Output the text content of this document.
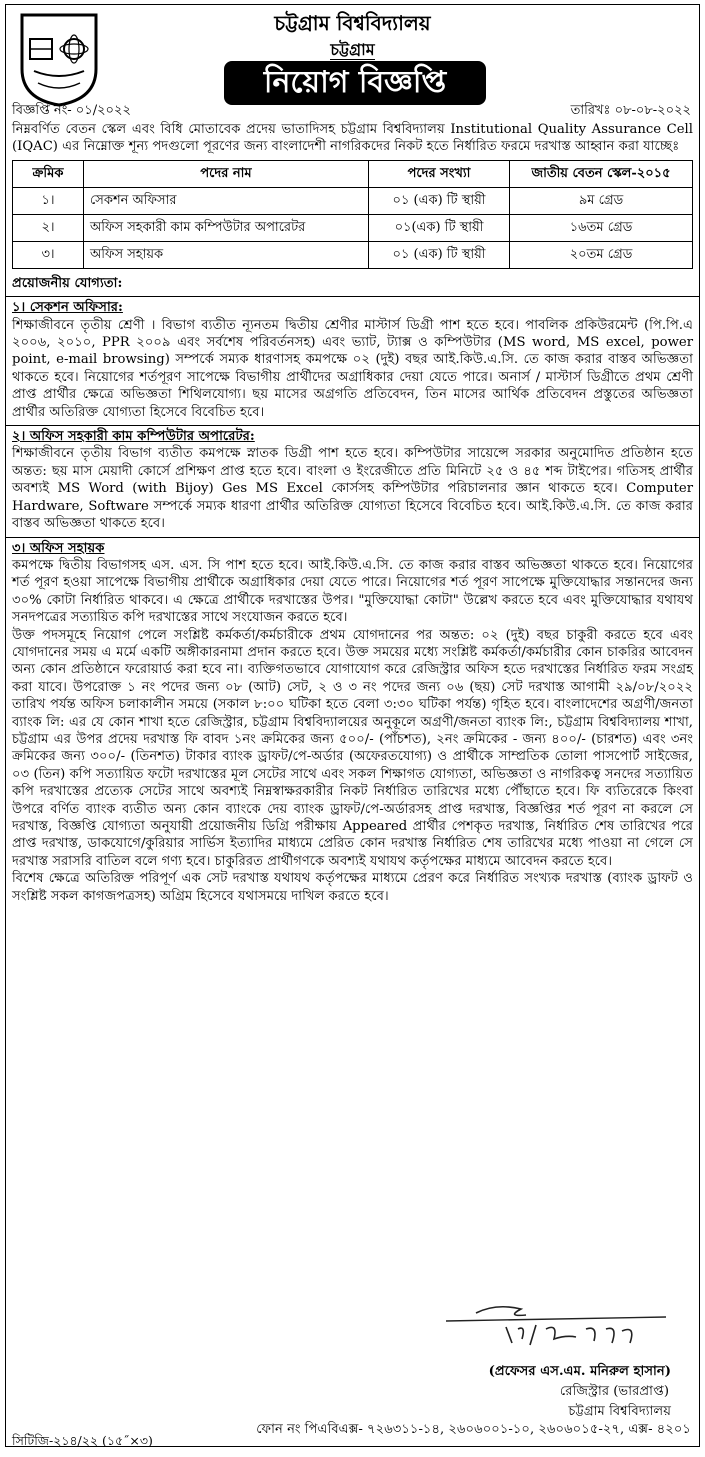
চট্টগ্রাম বিশ্ববিদ্যালয়
চট্টগ্রাম
নিয়োগ বিজ্ঞপ্তি
বিজ্ঞপ্তি নং- ০১/২০২২	তারিখঃ ০৮-০৮-২০২২

নিম্নবর্ণিত বেতন স্কেল এবং বিধি মোতাবেক প্রদেয় ভাতাদিসহ চট্টগ্রাম বিশ্ববিদ্যালয় Institutional Quality Assurance Cell (IQAC) এর নিম্নোক্ত শূন্য পদগুলো পূরণের জন্য বাংলাদেশী নাগরিকদের নিকট হতে নির্ধারিত ফরমে দরখাস্ত আহ্বান করা যাচ্ছেঃ

ক্রমিক	পদের নাম	পদের সংখ্যা	জাতীয় বেতন স্কেল-২০১৫
১।	সেকশন অফিসার	০১ (এক) টি স্থায়ী	৯ম গ্রেড
২।	অফিস সহকারী কাম কম্পিউটার অপারেটর	০১(এক) টি স্থায়ী	১৬তম গ্রেড
৩।	অফিস সহায়ক	০১ (এক) টি স্থায়ী	২০তম গ্রেড
প্রয়োজনীয় যোগ্যতা:
১। সেকশন অফিসার:

শিক্ষাজীবনে তৃতীয় শ্রেণী । বিভাগ ব্যতীত ন্যূনতম দ্বিতীয় শ্রেণীর মাস্টার্স ডিগ্রী পাশ হতে হবে। পাবলিক প্রকিউরমেন্ট (পি.পি.এ ২০০৬, ২০১০, PPR ২০০৯ এবং সর্বশেষ পরিবর্তনসহ) এবং ভ্যাট, ট্যাক্স ও কম্পিউটার (MS word, MS excel, power point, e-mail browsing) সম্পর্কে সম্যক ধারণাসহ কমপক্ষে ০২ (দুই) বছর আই.কিউ.এ.সি. তে কাজ করার বাস্তব অভিজ্ঞতা থাকতে হবে। নিয়োগের শর্তপূরণ সাপেক্ষে বিভাগীয় প্রার্থীদের অগ্রাধিকার দেয়া যেতে পারে। অনার্স / মাস্টার্স ডিগ্রীতে প্রথম শ্রেণী প্রাপ্ত প্রার্থীর ক্ষেত্রে অভিজ্ঞতা শিথিলযোগ্য। ছয় মাসের অগ্রগতি প্রতিবেদন, তিন মাসের আর্থিক প্রতিবেদন প্রস্তুতের অভিজ্ঞতা প্রার্থীর অতিরিক্ত যোগ্যতা হিসেবে বিবেচিত হবে।

২। অফিস সহকারী কাম কম্পিউটার অপারেটর:

শিক্ষাজীবনে তৃতীয় বিভাগ ব্যতীত কমপক্ষে স্নাতক ডিগ্রী পাশ হতে হবে। কম্পিউটার সায়েন্সে সরকার অনুমোদিত প্রতিষ্ঠান হতে অন্তত: ছয় মাস মেয়াদী কোর্সে প্রশিক্ষণ প্রাপ্ত হতে হবে। বাংলা ও ইংরেজীতে প্রতি মিনিটে ২৫ ও ৪৫ শব্দ টাইপের। গতিসহ প্রার্থীর অবশ্যই MS Word (with Bijoy) Ges MS Excel কোর্সসহ কম্পিউটার পরিচালনার জ্ঞান থাকতে হবে। Computer Hardware, Software সম্পর্কে সম্যক ধারণা প্রার্থীর অতিরিক্ত যোগ্যতা হিসেবে বিবেচিত হবে। আই.কিউ.এ.সি. তে কাজ করার বাস্তব অভিজ্ঞতা থাকতে হবে।

৩। অফিস সহায়ক

কমপক্ষে দ্বিতীয় বিভাগসহ এস. এস. সি পাশ হতে হবে। আই.কিউ.এ.সি. তে কাজ করার বাস্তব অভিজ্ঞতা থাকতে হবে। নিয়োগের শর্ত পূরণ হওয়া সাপেক্ষে বিভাগীয় প্রার্থীকে অগ্রাধিকার দেয়া যেতে পারে। নিয়োগের শর্ত পূরণ সাপেক্ষে মুক্তিযোদ্ধার সন্তানদের জন্য ৩০% কোটা নির্ধারিত থাকবে। এ ক্ষেত্রে প্রার্থীকে দরখাস্তের উপর। "মুক্তিযোদ্ধা কোটা" উল্লেখ করতে হবে এবং মুক্তিযোদ্ধার যথাযথ সনদপত্রের সত্যায়িত কপি দরখাস্তের সাথে সংযোজন করতে হবে।

উক্ত পদসমূহে নিয়োগ পেলে সংশ্লিষ্ট কর্মকর্তা/কর্মচারীকে প্রথম যোগদানের পর অন্তত: ০২ (দুই) বছর চাকুরী করতে হবে এবং যোগদানের সময় এ মর্মে একটি অঙ্গীকারনামা প্রদান করতে হবে। উক্ত সময়ের মধ্যে সংশ্লিষ্ট কর্মকর্তা/কর্মচারীর কোন চাকরির আবেদন অন্য কোন প্রতিষ্ঠানে ফরোয়ার্ড করা হবে না। ব্যক্তিগতভাবে যোগাযোগ করে রেজিস্ট্রার অফিস হতে দরখাস্তের নির্ধারিত ফরম সংগ্রহ করা যাবে। উপরোক্ত ১ নং পদের জন্য ০৮ (আট) সেট, ২ ও ৩ নং পদের জন্য ০৬ (ছয়) সেট দরখাস্ত আগামী ২৯/০৮/২০২২ তারিখ পর্যন্ত অফিস চলাকালীন সময়ে (সকাল ৮:০০ ঘটিকা হতে বেলা ৩:৩০ ঘটিকা পর্যন্ত) গৃহিত হবে। বাংলাদেশের অগ্রণী/জনতা ব্যাংক লি: এর যে কোন শাখা হতে রেজিস্ট্রার, চট্টগ্রাম বিশ্ববিদ্যালয়ের অনুকূলে অগ্রণী/জনতা ব্যাংক লি:, চট্টগ্রাম বিশ্ববিদ্যালয় শাখা, চট্টগ্রাম এর উপর প্রদেয় দরখাস্ত ফি বাবদ ১নং ক্রমিকের জন্য ৫০০/- (পাঁচশত), ২নং ক্রমিকের - জন্য ৪০০/- (চারশত) এবং ৩নং ক্রমিকের জন্য ৩০০/- (তিনশত) টাকার ব্যাংক ড্রাফট/পে-অর্ডার (অফেরতযোগ্য) ও প্রার্থীকে সাম্প্রতিক তোলা পাসপোর্ট সাইজের, ০৩ (তিন) কপি সত্যায়িত ফটো দরখাস্তের মূল সেটের সাথে এবং সকল শিক্ষাগত যোগ্যতা, অভিজ্ঞতা ও নাগরিকত্ব সনদের সত্যায়িত কপি দরখাস্তের প্রত্যেক সেটের সাথে অবশ্যই নিম্নস্বাক্ষরকারীর নিকট নির্ধারিত তারিখের মধ্যে পৌঁছাতে হবে। ফি ব্যতিরেকে কিংবা উপরে বর্ণিত ব্যাংক ব্যতীত অন্য কোন ব্যাংকে দেয় ব্যাংক ড্রাফট/পে-অর্ডারসহ প্রাপ্ত দরখাস্ত, বিজ্ঞপ্তির শর্ত পূরণ না করলে সে দরখাস্ত, বিজ্ঞপ্তি যোগ্যতা অনুযায়ী প্রয়োজনীয় ডিগ্রি পরীক্ষায় Appeared প্রার্থীর পেশকৃত দরখাস্ত, নির্ধারিত শেষ তারিখের পরে প্রাপ্ত দরখাস্ত, ডাকযোগে/কুরিয়ার সার্ভিস ইত্যাদির মাধ্যমে প্রেরিত কোন দরখাস্ত নির্ধারিত শেষ তারিখের মধ্যে পাওয়া না গেলে সে দরখাস্ত সরাসরি বাতিল বলে গণ্য হবে। চাকুরিরত প্রার্থীগণকে অবশ্যই যথাযথ কর্তৃপক্ষের মাধ্যমে আবেদন করতে হবে।

বিশেষ ক্ষেত্রে অতিরিক্ত পরিপূর্ণ এক সেট দরখাস্ত যথাযথ কর্তৃপক্ষের মাধ্যমে প্রেরণ করে নির্ধারিত সংখ্যক দরখাস্ত (ব্যাংক ড্রাফট ও সংশ্লিষ্ট সকল কাগজপত্রসহ) অগ্রিম হিসেবে যথাসময়ে দাখিল করতে হবে।

(প্রফেসর এস.এম. মনিরুল হাসান)
রেজিস্ট্রার (ভারপ্রাপ্ত)
চট্টগ্রাম বিশ্ববিদ্যালয়
ফোন নং পিএবিএক্স- ৭২৬৩১১-১৪, ২৬০৬০০১-১০, ২৬০৬০১৫-২৭, এক্স- ৪২০১
সিটিজি-২১৪/২২ (১৫˝×৩)
